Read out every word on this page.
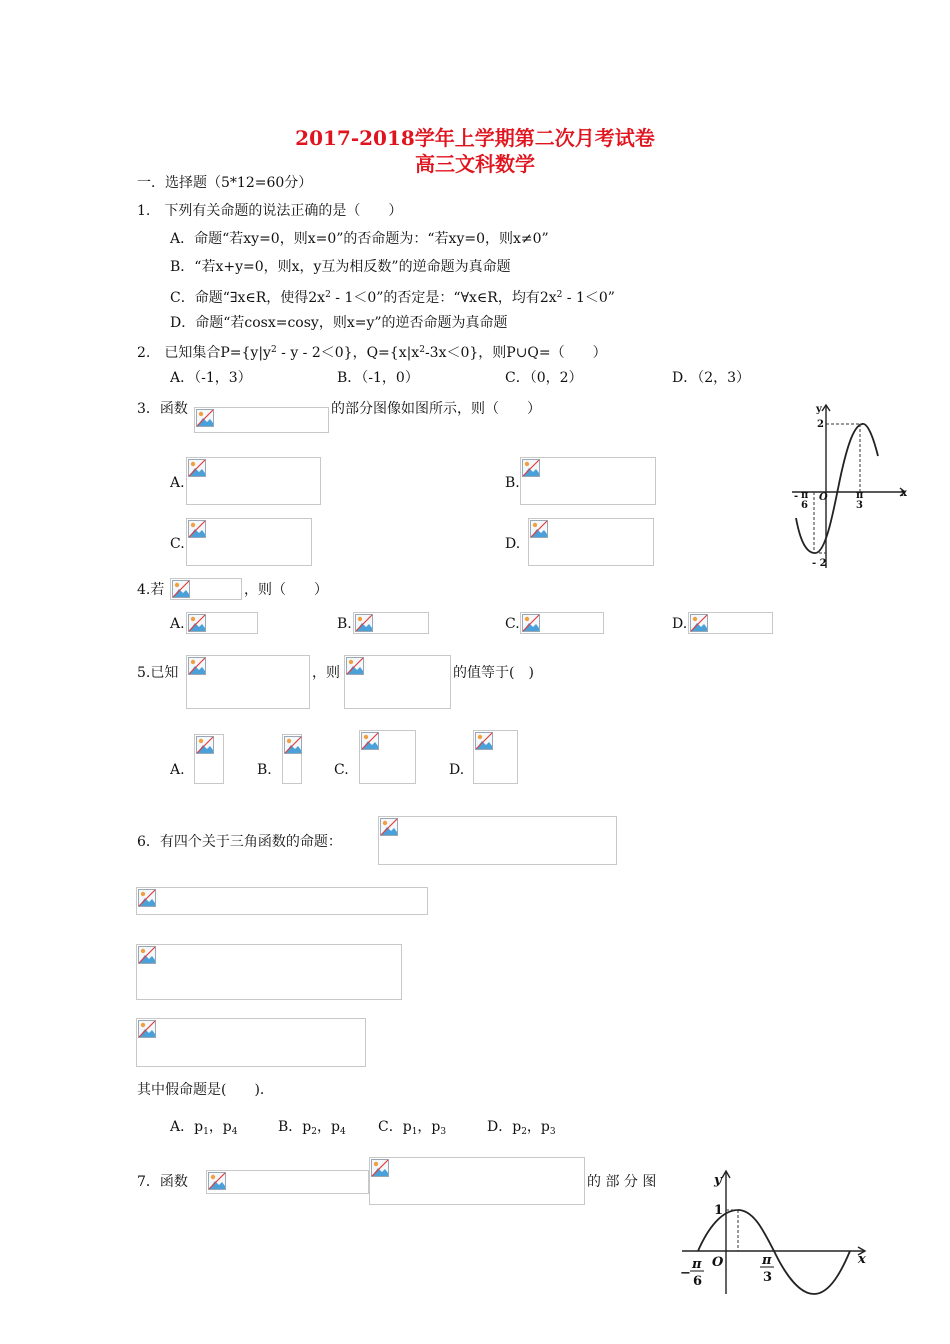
2017-2018学年上学期第二次月考试卷
高三文科数学
一．选择题（5*12=60分）
1.　下列有关命题的说法正确的是（　　）
A．命题“若xy=0，则x=0”的否命题为：“若xy=0，则x≠0”
B．“若x+y=0，则x，y互为相反数”的逆命题为真命题
C．命题“∃x∈R，使得$2x^2 - 1<0$”的否定是：“∀x∈R，均有$2x^2 - 1<0$”
D．命题“若cosx=cosy，则x=y”的逆否命题为真命题
2.　已知集合$P=\{y|y^2 - y - 2<0\}$，$Q=\{x|x^2-3x<0\}$，则P∪Q=（　　）
A．（-1，3）	B．（-1，0）	C．（0，2）	D．（2，3）
3．函数	的部分图像如图所示，则（　　）
A.	B.
C.	D.
y
x
O
2
- 2
- π
6
π
3
4.若	，则（　　）
A.	B.	C.	D.
5.已知	，则	的值等于(　)
A.	B.	C.	D.
6．有四个关于三角函数的命题：
其中假命题是(　　)．
A．$p_1$，$p_4$	B．$p_2$，$p_4$ C．$p_1$，$p_3$	D．$p_2$，$p_3$
7．函数	的 部 分 图	y
x
O
1
−
π
6
π
3
